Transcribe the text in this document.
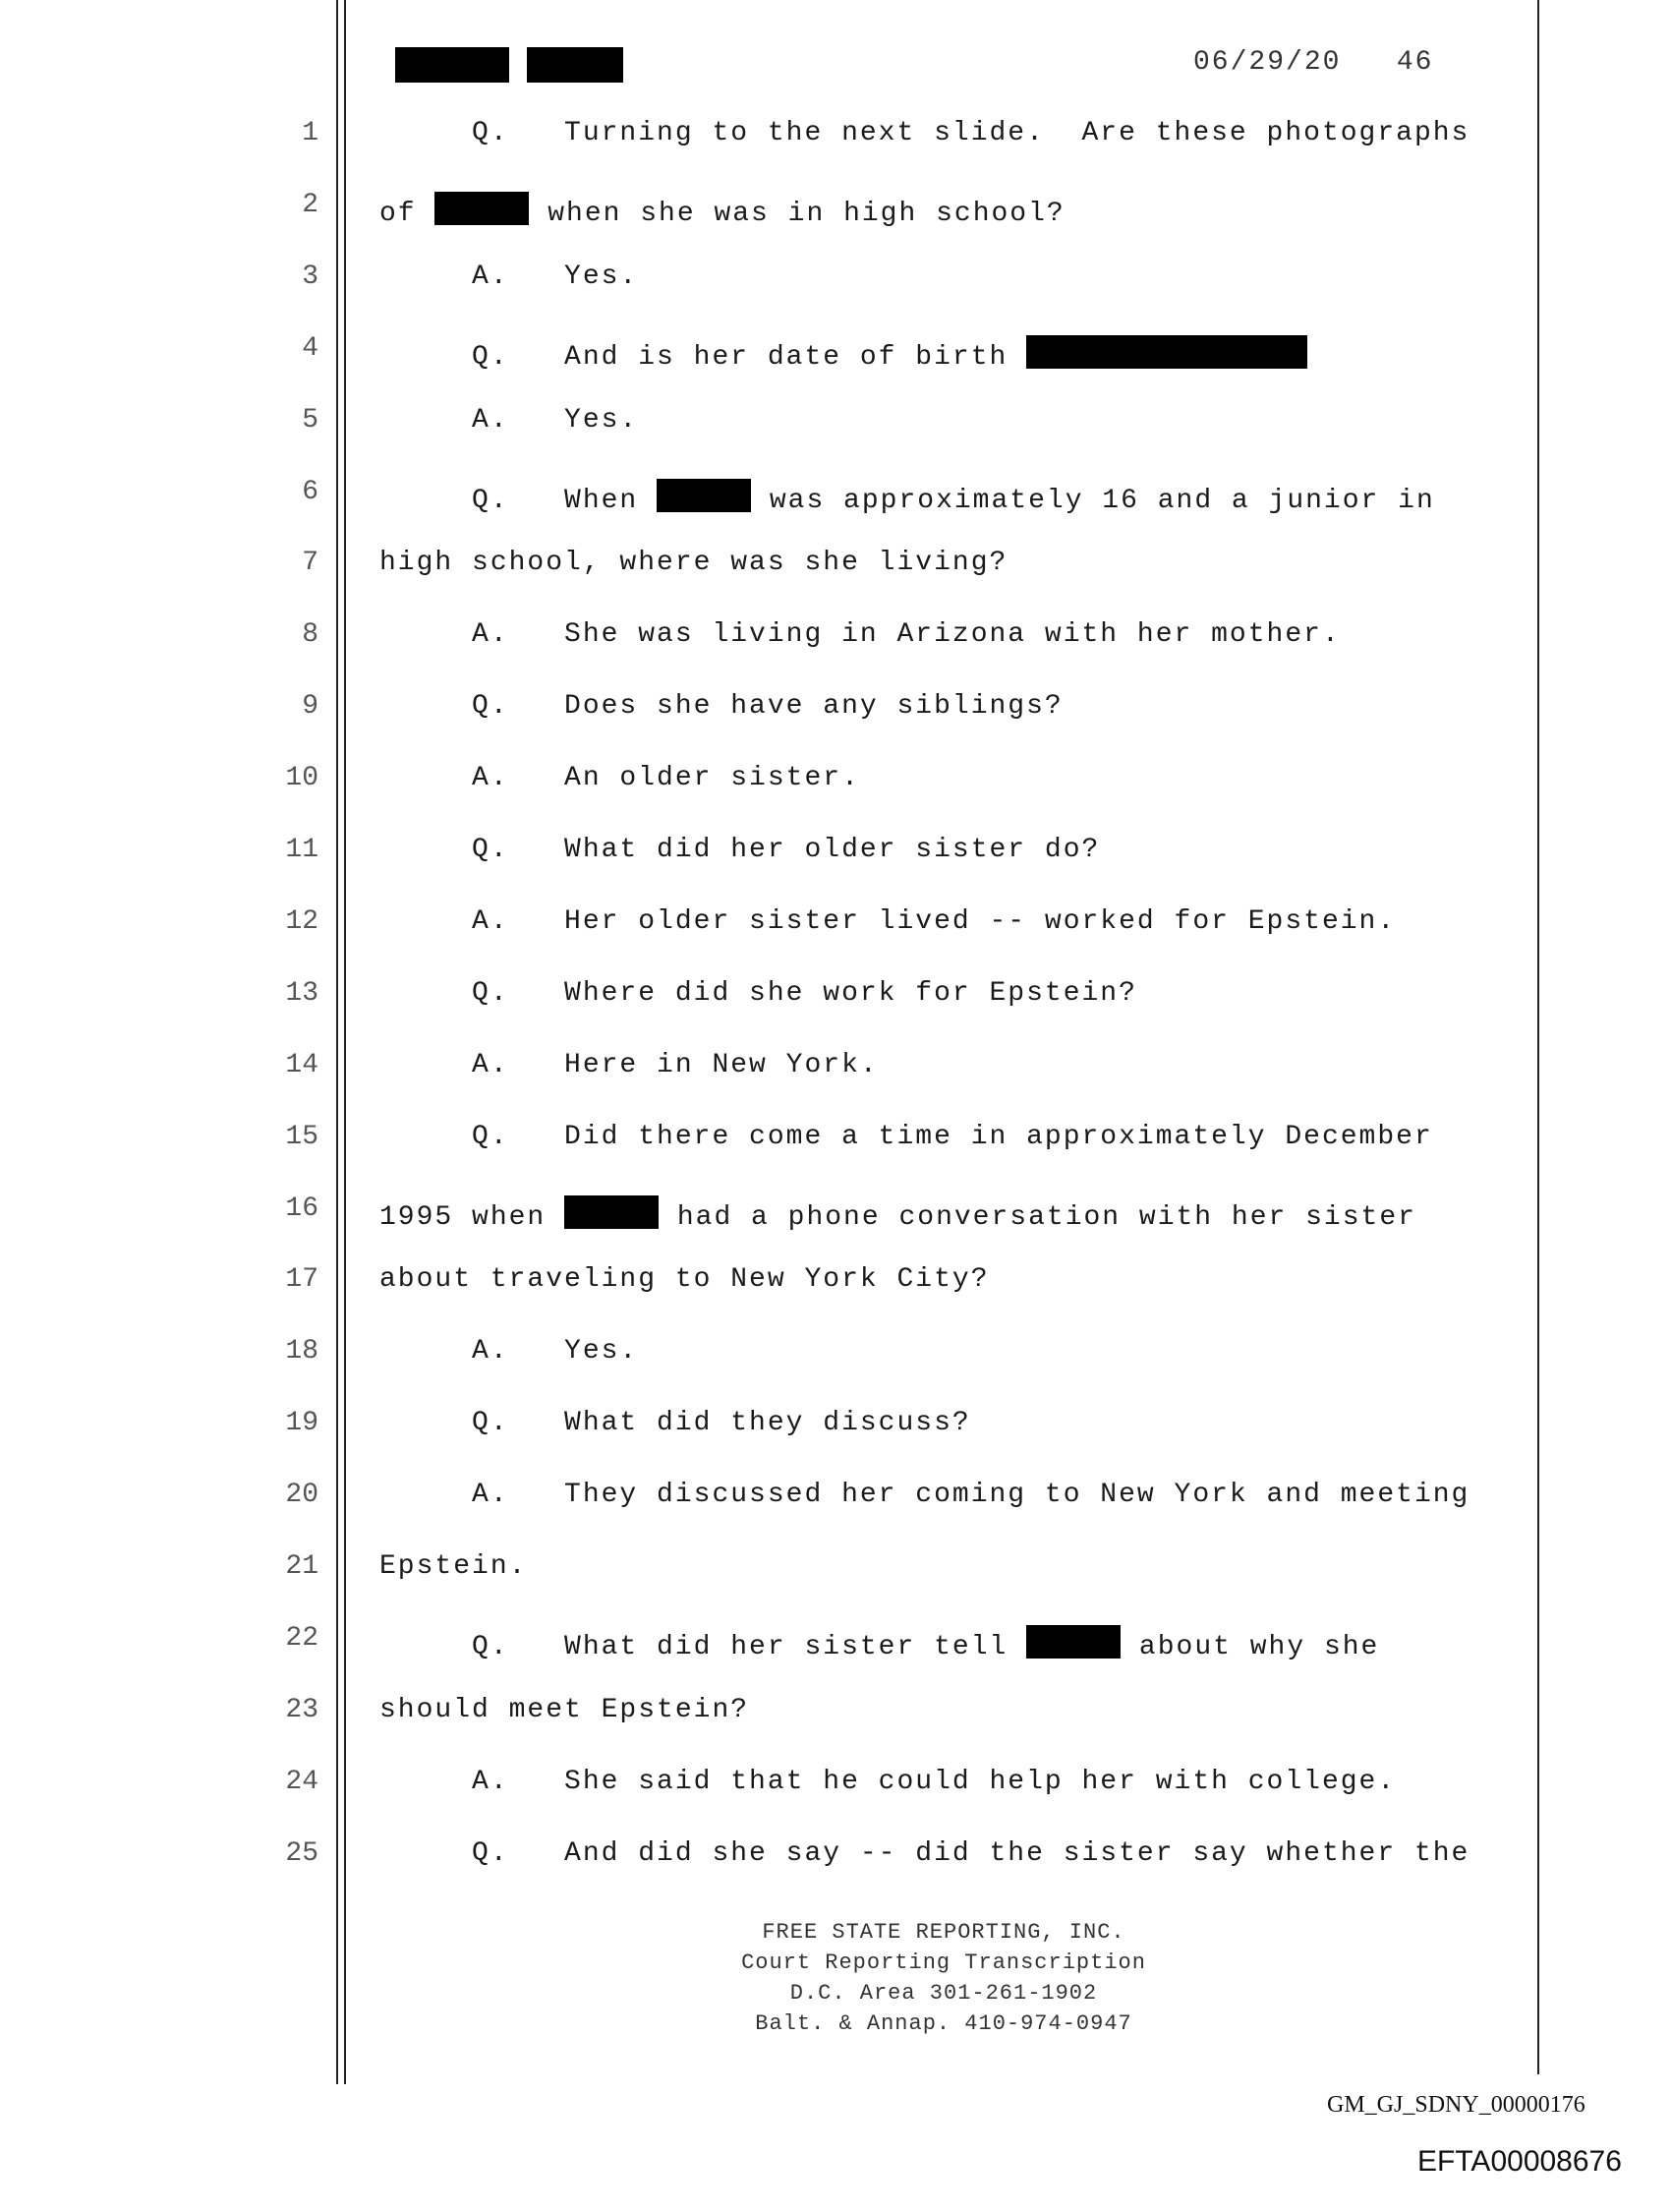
06/29/20   46
1
2
3
4
5
6
7
8
9
10
11
12
13
14
15
16
17
18
19
20
21
22
23
24
25
Q.   Turning to the next slide.  Are these photographs
of	when she was in high school?
A.   Yes.
Q.   And is her date of birth
A.   Yes.
Q.   When	was approximately 16 and a junior in
high school, where was she living?
A.   She was living in Arizona with her mother.
Q.   Does she have any siblings?
A.   An older sister.
Q.   What did her older sister do?
A.   Her older sister lived -- worked for Epstein.
Q.   Where did she work for Epstein?
A.   Here in New York.
Q.   Did there come a time in approximately December
1995 when	had a phone conversation with her sister
about traveling to New York City?
A.   Yes.
Q.   What did they discuss?
A.   They discussed her coming to New York and meeting
Epstein.
Q.   What did her sister tell	about why she
should meet Epstein?
A.   She said that he could help her with college.
Q.   And did she say -- did the sister say whether the
FREE STATE REPORTING, INC.
Court Reporting Transcription
D.C. Area 301-261-1902
Balt. & Annap. 410-974-0947
GM_GJ_SDNY_00000176
EFTA00008676
